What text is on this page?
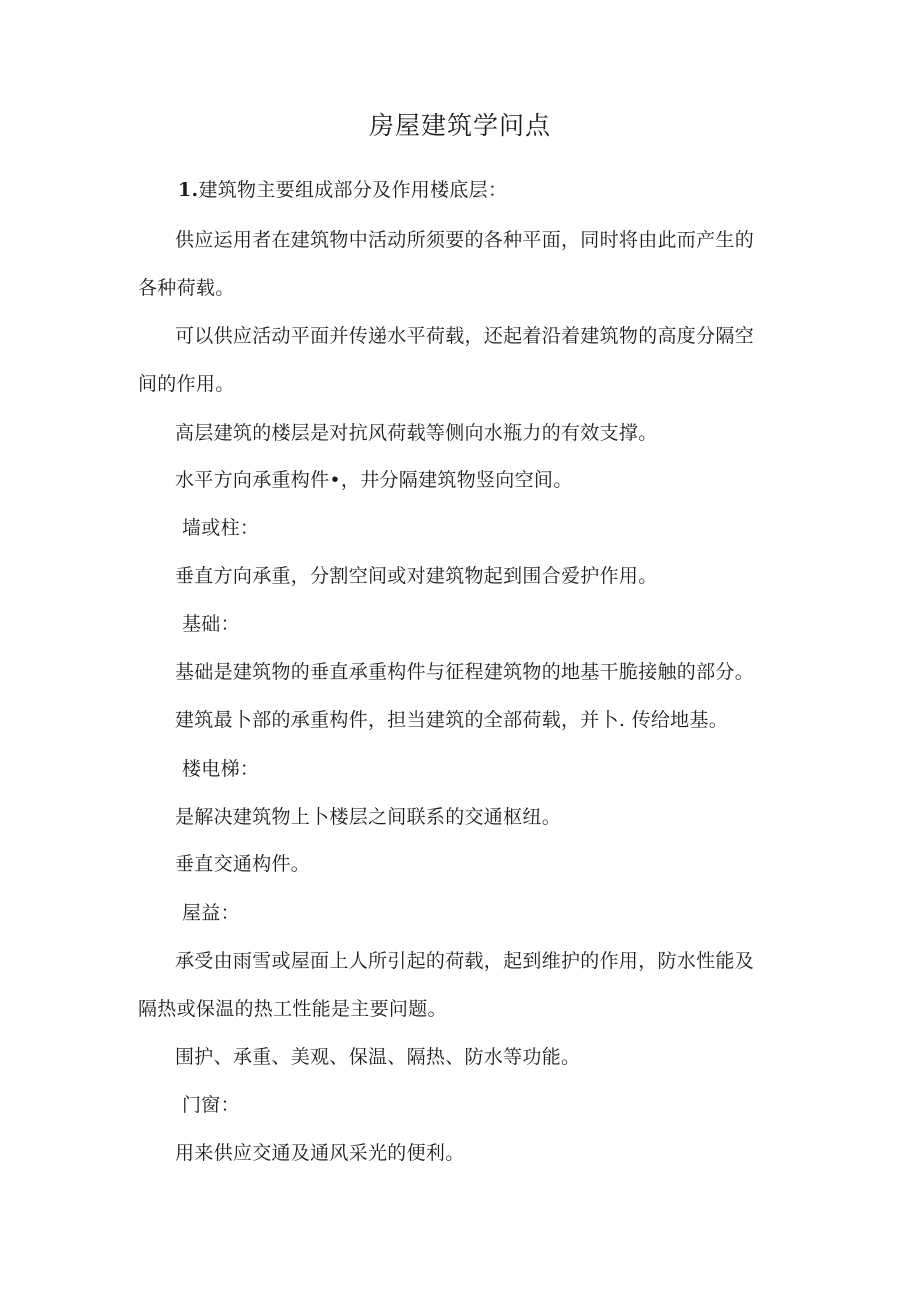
房屋建筑学问点
1.建筑物主要组成部分及作用楼底层：
供应运用者在建筑物中活动所须要的各种平面，同时将由此而产生的
各种荷载。
可以供应活动平面并传递水平荷载，还起着沿着建筑物的高度分隔空
间的作用。
高层建筑的楼层是对抗风荷载等侧向水瓶力的有效支撑。
水平方向承重构件•，井分隔建筑物竖向空间。
墙或柱：
垂直方向承重，分割空间或对建筑物起到围合爱护作用。
基础：
基础是建筑物的垂直承重构件与征程建筑物的地基干脆接触的部分。
建筑最卜部的承重构件，担当建筑的全部荷载，并卜. 传给地基。
楼电梯：
是解决建筑物上卜楼层之间联系的交通枢纽。
垂直交通构件。
屋益：
承受由雨雪或屋面上人所引起的荷载，起到维护的作用，防水性能及
隔热或保温的热工性能是主要问题。
围护、承重、美观、保温、隔热、防水等功能。
门窗：
用来供应交通及通风采光的便利。
